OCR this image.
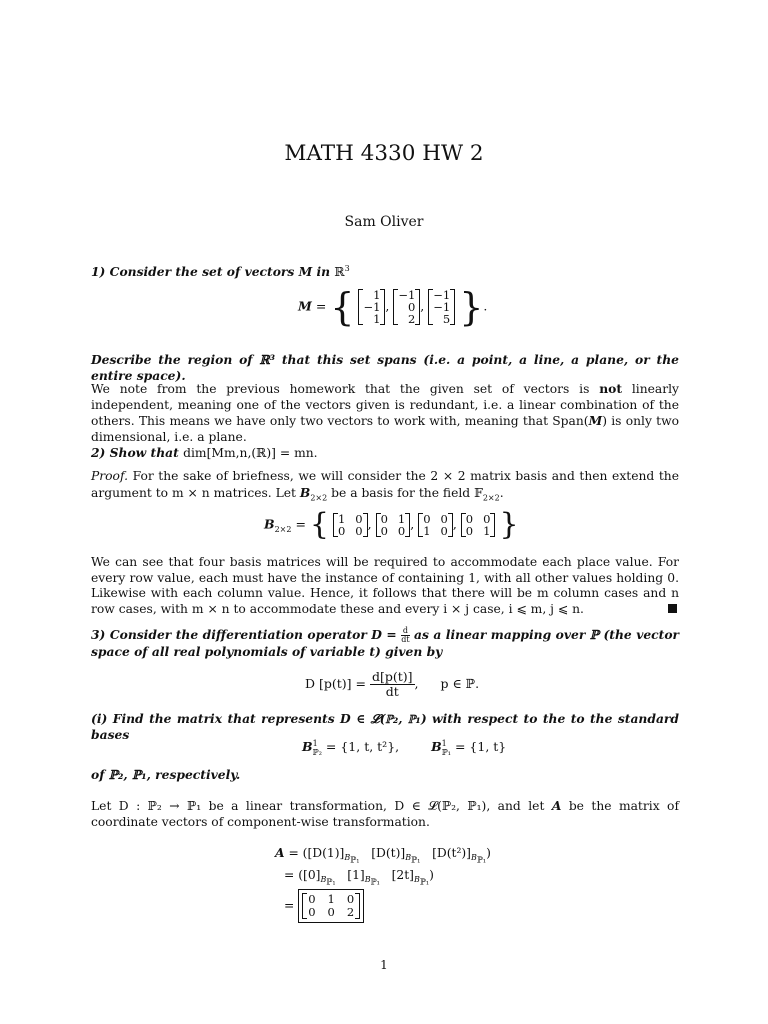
MATH 4330 HW 2
Sam Oliver
1) Consider the set of vectors M in ℝ$^3$
M = {	1
−1
1
,
−1
0
2
,
−1
−1
5 }.
Describe the region of ℝ³ that this set spans (i.e. a point, a line, a plane, or the entire space).
We note from the previous homework that the given set of vectors is not linearly independent, meaning one of the vectors given is redundant, i.e. a linear combination of the others. This means we have only two vectors to work with, meaning that Span(M) is only two dimensional, i.e. a plane.
2) Show that dim[Mm,n,(ℝ)] = mn.
Proof. For the sake of briefness, we will consider the 2 × 2 matrix basis and then extend the argument to m × n matrices. Let $B_{2\times 2}$ be a basis for the field 𝔽$_{2\times 2}$.
$B_{2\times 2}$ = { 1 0
0 0 , 0 1
0 0 , 0 0
1 0 , 0 0
0 1 }
We can see that four basis matrices will be required to accommodate each place value. For every row value, each must have the instance of containing 1, with all other values holding 0. Likewise with each column value. Hence, it follows that there will be m column cases and n row cases, with m × n to accommodate these and every i × j case, i ⩽ m, j ⩽ n.
3) Consider the differentiation operator $D = \frac{d}{dt}$ as a linear mapping over ℙ (the vector space of all real polynomials of variable t) given by
D $[p(t)] = \frac{d[p(t)]}{dt}$ , p ∈ ℙ.
(i) Find the matrix that represents D ∈ 𝓛(ℙ₂, ℙ₁) with respect to the to the standard bases
$B^1_{ℙ_2} = \{1$, t, t²},	$B^1_{ℙ_1} = \{1$, t}
of ℙ₂, ℙ₁, respectively.
Let D : ℙ₂ → ℙ₁ be a linear transformation, D ∈ 𝓛(ℙ₂, ℙ₁), and let A be the matrix of coordinate vectors of component-wise transformation.
$A = ([D(1)]_{B_{ℙ_1}}$   $[D(t)]_{B_{ℙ_1}}$   $[D(t^2)]_{B_{ℙ_1}}$)
= ($[0]_{B_{ℙ_1}}$   $[1]_{B_{ℙ_1}}$   $[2t]_{B_{ℙ_1}}$)
= 0 1 0
0 0 2
1
